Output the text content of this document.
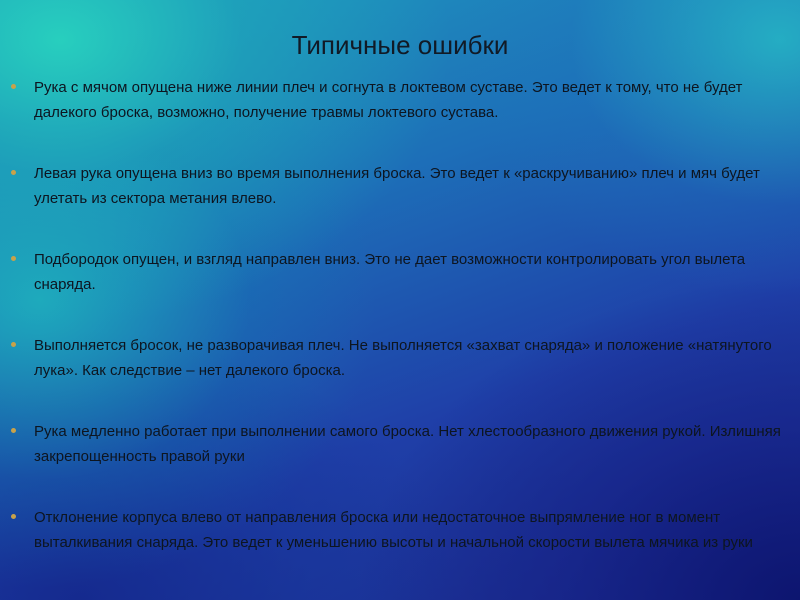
Типичные ошибки
Рука с мячом опущена ниже линии плеч и согнута в локтевом суставе. Это ведет к тому, что не будет далекого броска, возможно, получение травмы локтевого сустава.
Левая рука опущена вниз во время выполнения броска. Это ведет к «раскручиванию» плеч и мяч будет улетать из сектора метания влево.
Подбородок опущен, и взгляд направлен вниз. Это не дает возможности контролировать угол вылета снаряда.
Выполняется бросок, не разворачивая плеч. Не выполняется «захват снаряда» и положение «натянутого лука». Как следствие – нет далекого броска.
Рука медленно работает при выполнении самого броска. Нет хлестообразного движения рукой. Излишняя закрепощенность правой руки
Отклонение корпуса влево от направления броска или недостаточное выпрямление ног в момент выталкивания снаряда. Это ведет к уменьшению высоты и начальной скорости вылета мячика из руки
